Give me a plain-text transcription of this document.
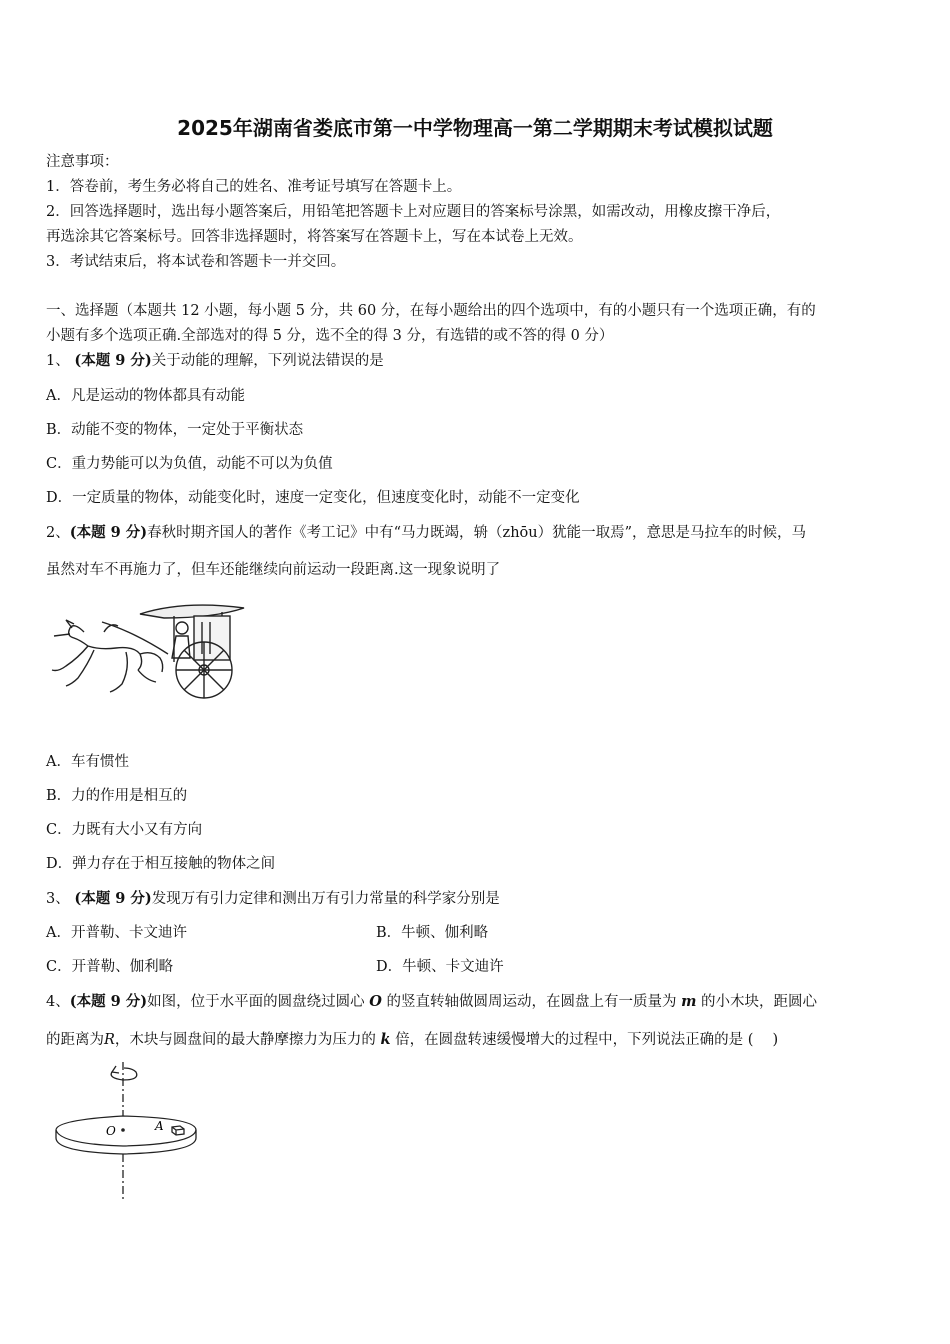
2025年湖南省娄底市第一中学物理高一第二学期期末考试模拟试题
注意事项：
1．答卷前，考生务必将自己的姓名、准考证号填写在答题卡上。
2．回答选择题时，选出每小题答案后，用铅笔把答题卡上对应题目的答案标号涂黑，如需改动，用橡皮擦干净后，
再选涂其它答案标号。回答非选择题时，将答案写在答题卡上，写在本试卷上无效。
3．考试结束后，将本试卷和答题卡一并交回。
一、选择题（本题共 12 小题，每小题 5 分，共 60 分，在每小题给出的四个选项中，有的小题只有一个选项正确，有的
小题有多个选项正确.全部选对的得 5 分，选不全的得 3 分，有选错的或不答的得 0 分）
1、 (本题 9 分)关于动能的理解，下列说法错误的是
A．凡是运动的物体都具有动能
B．动能不变的物体，一定处于平衡状态
C．重力势能可以为负值，动能不可以为负值
D．一定质量的物体，动能变化时，速度一定变化，但速度变化时，动能不一定变化
2、(本题 9 分)春秋时期齐国人的著作《考工记》中有“马力既竭，辀（zhōu）犹能一取焉”，意思是马拉车的时候，马
虽然对车不再施力了，但车还能继续向前运动一段距离.这一现象说明了
A．车有惯性
B．力的作用是相互的
C．力既有大小又有方向
D．弹力存在于相互接触的物体之间
3、 (本题 9 分)发现万有引力定律和测出万有引力常量的科学家分别是
A．开普勒、卡文迪许	B．牛顿、伽利略
C．开普勒、伽利略	D．牛顿、卡文迪许
4、(本题 9 分)如图，位于水平面的圆盘绕过圆心 O 的竖直转轴做圆周运动，在圆盘上有一质量为 m 的小木块，距圆心
的距离为R，木块与圆盘间的最大静摩擦力为压力的 k 倍，在圆盘转速缓慢增大的过程中，下列说法正确的是 (　 )
O	A
